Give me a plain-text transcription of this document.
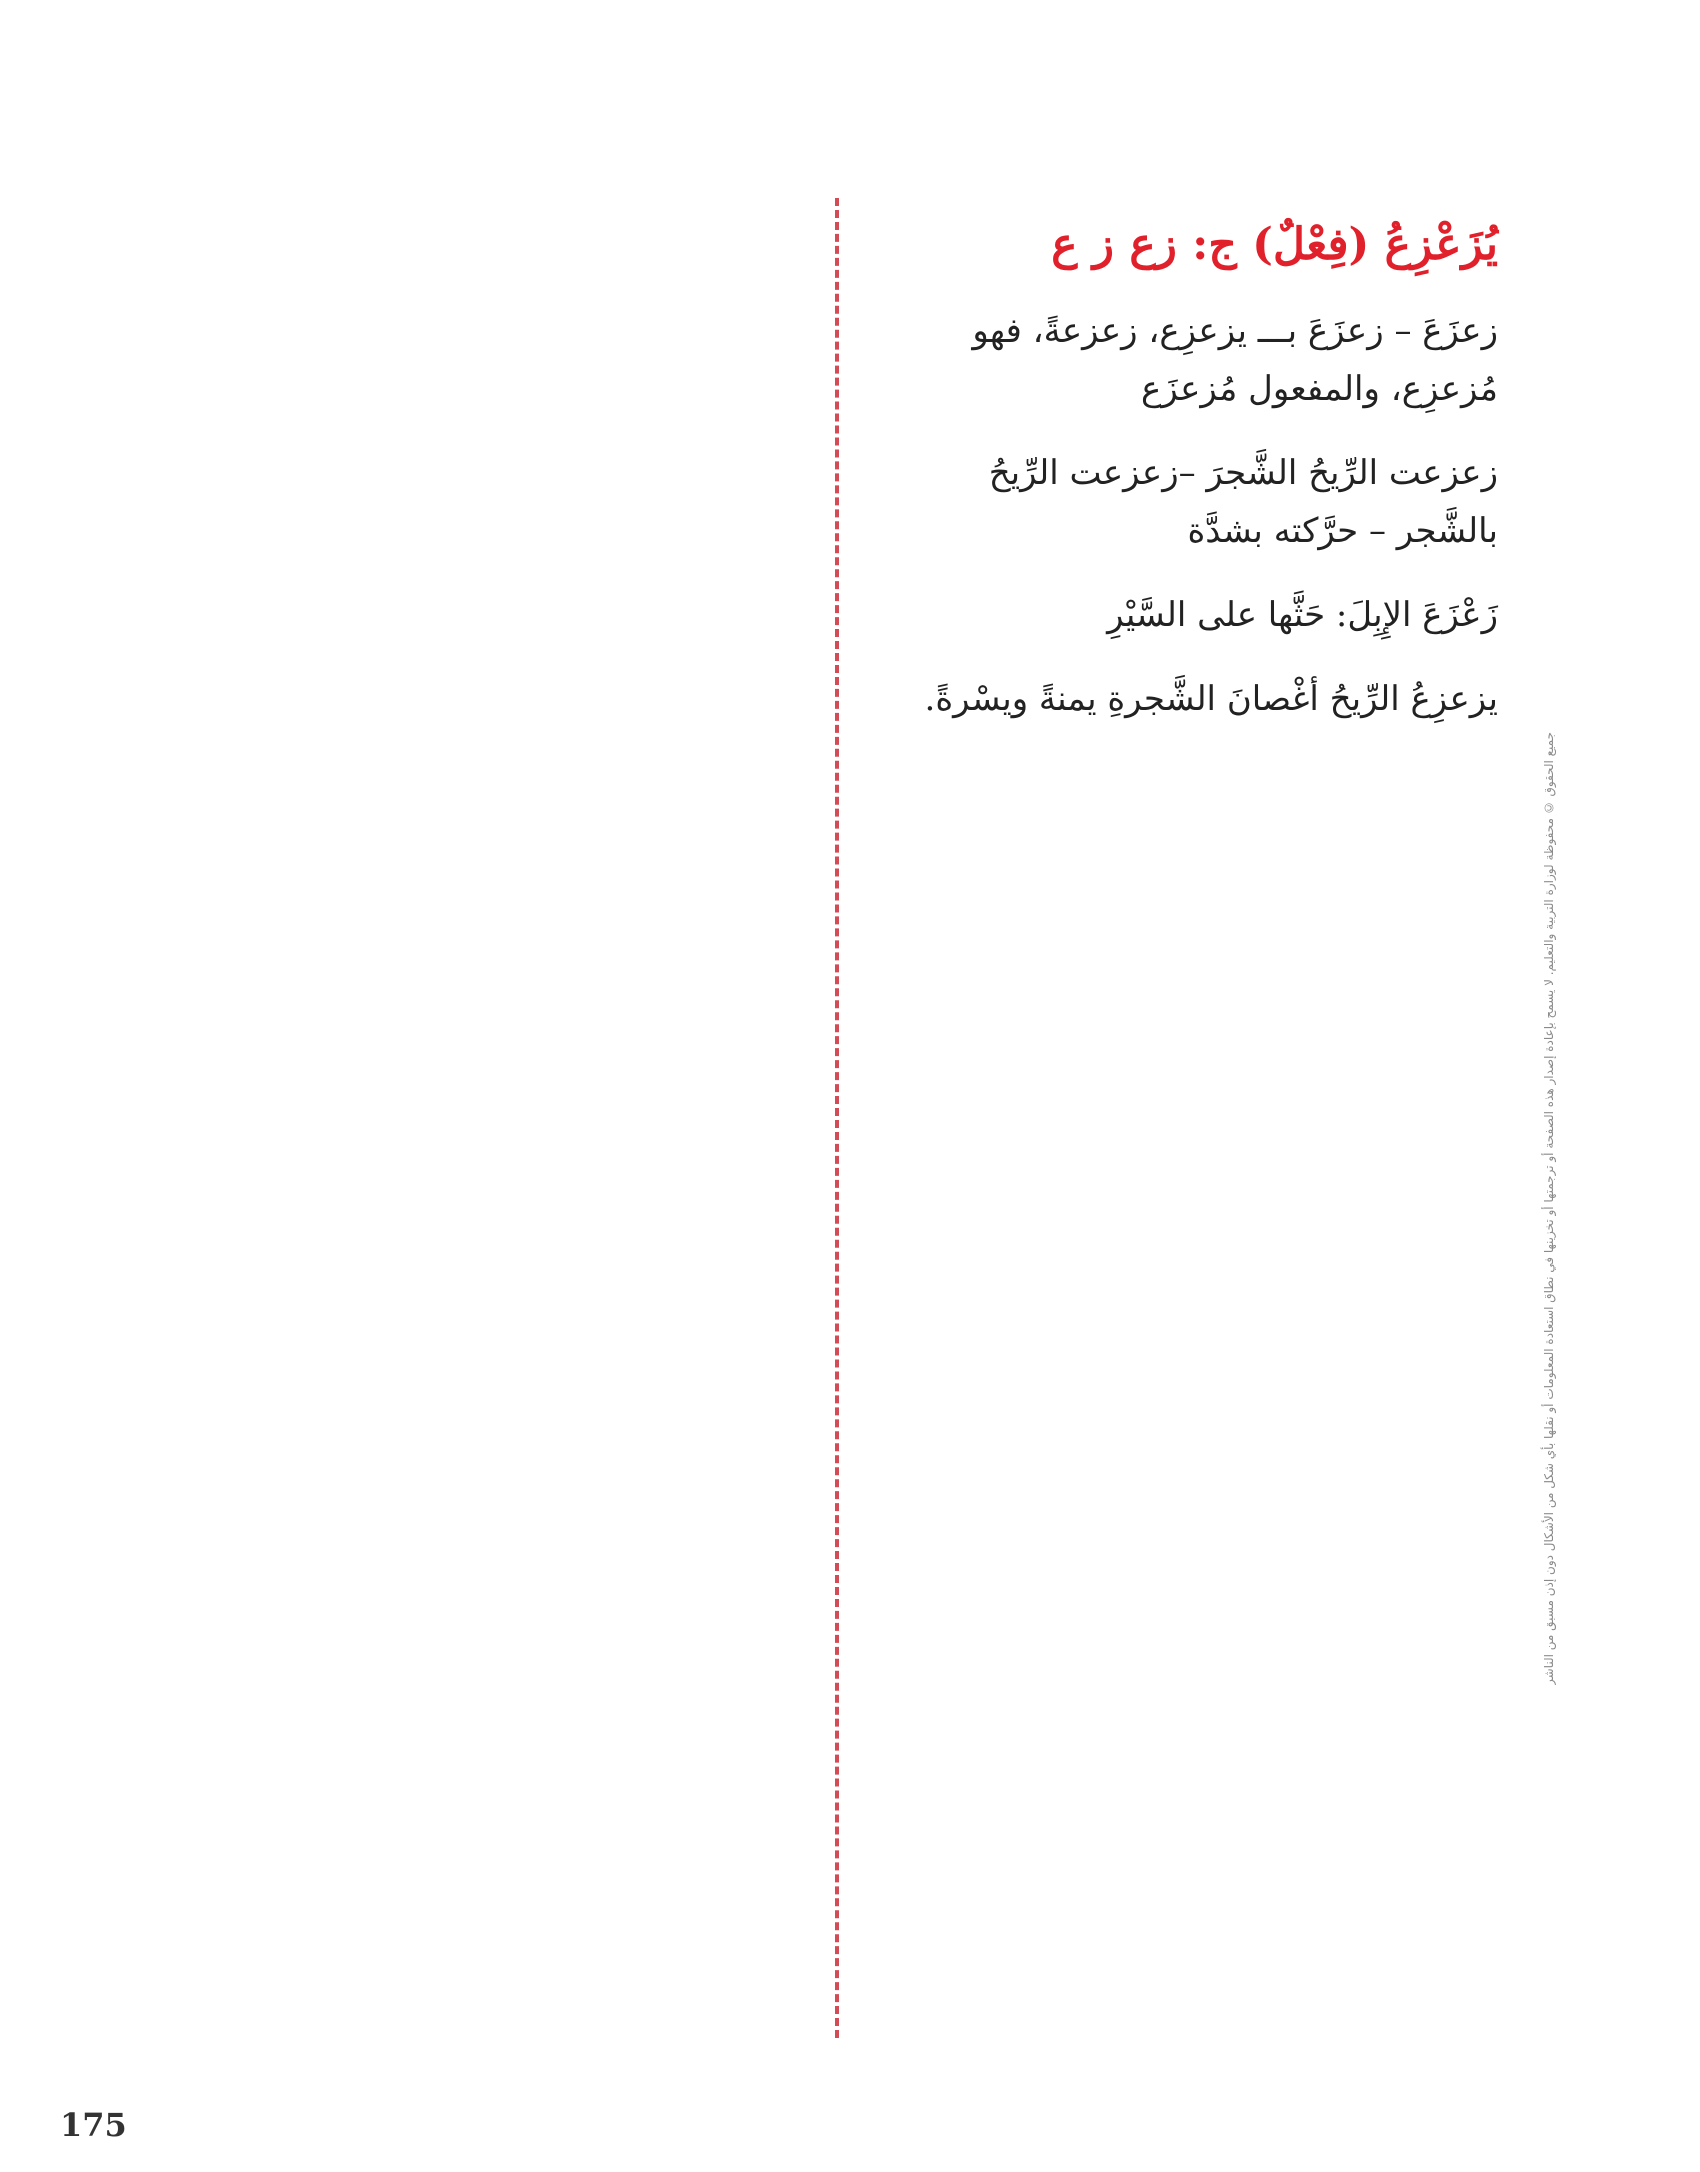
يُزَعْزِعُ (فِعْلٌ) ج: زع ز ع

زعزَعَ – زعزَعَ بـــ يزعزِع، زعزعةً، فهو مُزعزِع، والمفعول مُزعزَع

زعزعت الرِّيحُ الشَّجرَ –زعزعت الرِّيحُ بالشَّجر – حرَّكته بشدَّة

زَعْزَعَ الإِبِلَ: حَثَّها على السَّيْرِ

يزعزِعُ الرِّيحُ أغْصانَ الشَّجرةِ يمنةً ويسْرةً.

جميع الحقوق © محفوظة لوزارة التربية والتعليم. لا يسمح بإعادة إصدار هذه الصفحة أو ترجمتها أو تخزينها في نطاق استعادة المعلومات أو نقلها بأي شكل من الأشكال دون إذن مسبق من الناشر
175
